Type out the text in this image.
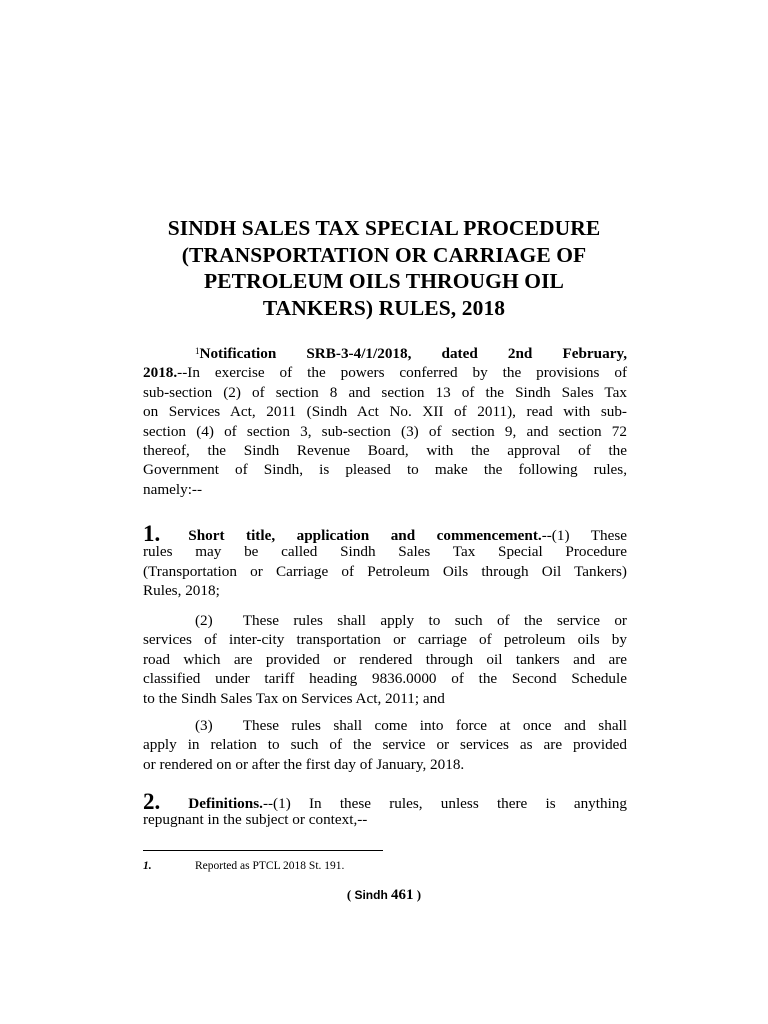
SINDH SALES TAX SPECIAL PROCEDURE
(TRANSPORTATION OR CARRIAGE OF
PETROLEUM OILS THROUGH OIL
TANKERS) RULES, 2018
$^1$Notification SRB-3-4/1/2018, dated 2nd February,
2018.--In exercise of the powers conferred by the provisions of
sub-section (2) of section 8 and section 13 of the Sindh Sales Tax
on Services Act, 2011 (Sindh Act No. XII of 2011), read with sub-
section (4) of section 3, sub-section (3) of section 9, and section 72
thereof, the Sindh Revenue Board, with the approval of the
Government of Sindh, is pleased to make the following rules,
namely:--
1. Short title, application and commencement.--(1) These
rules may be called Sindh Sales Tax Special Procedure
(Transportation or Carriage of Petroleum Oils through Oil Tankers)
Rules, 2018;
(2) These rules shall apply to such of the service or
services of inter-city transportation or carriage of petroleum oils by
road which are provided or rendered through oil tankers and are
classified under tariff heading 9836.0000 of the Second Schedule
to the Sindh Sales Tax on Services Act, 2011; and
(3) These rules shall come into force at once and shall
apply in relation to such of the service or services as are provided
or rendered on or after the first day of January, 2018.
2. Definitions.--(1) In these rules, unless there is anything
repugnant in the subject or context,--
1.	Reported as PTCL 2018 St. 191.
( Sindh 461 )
